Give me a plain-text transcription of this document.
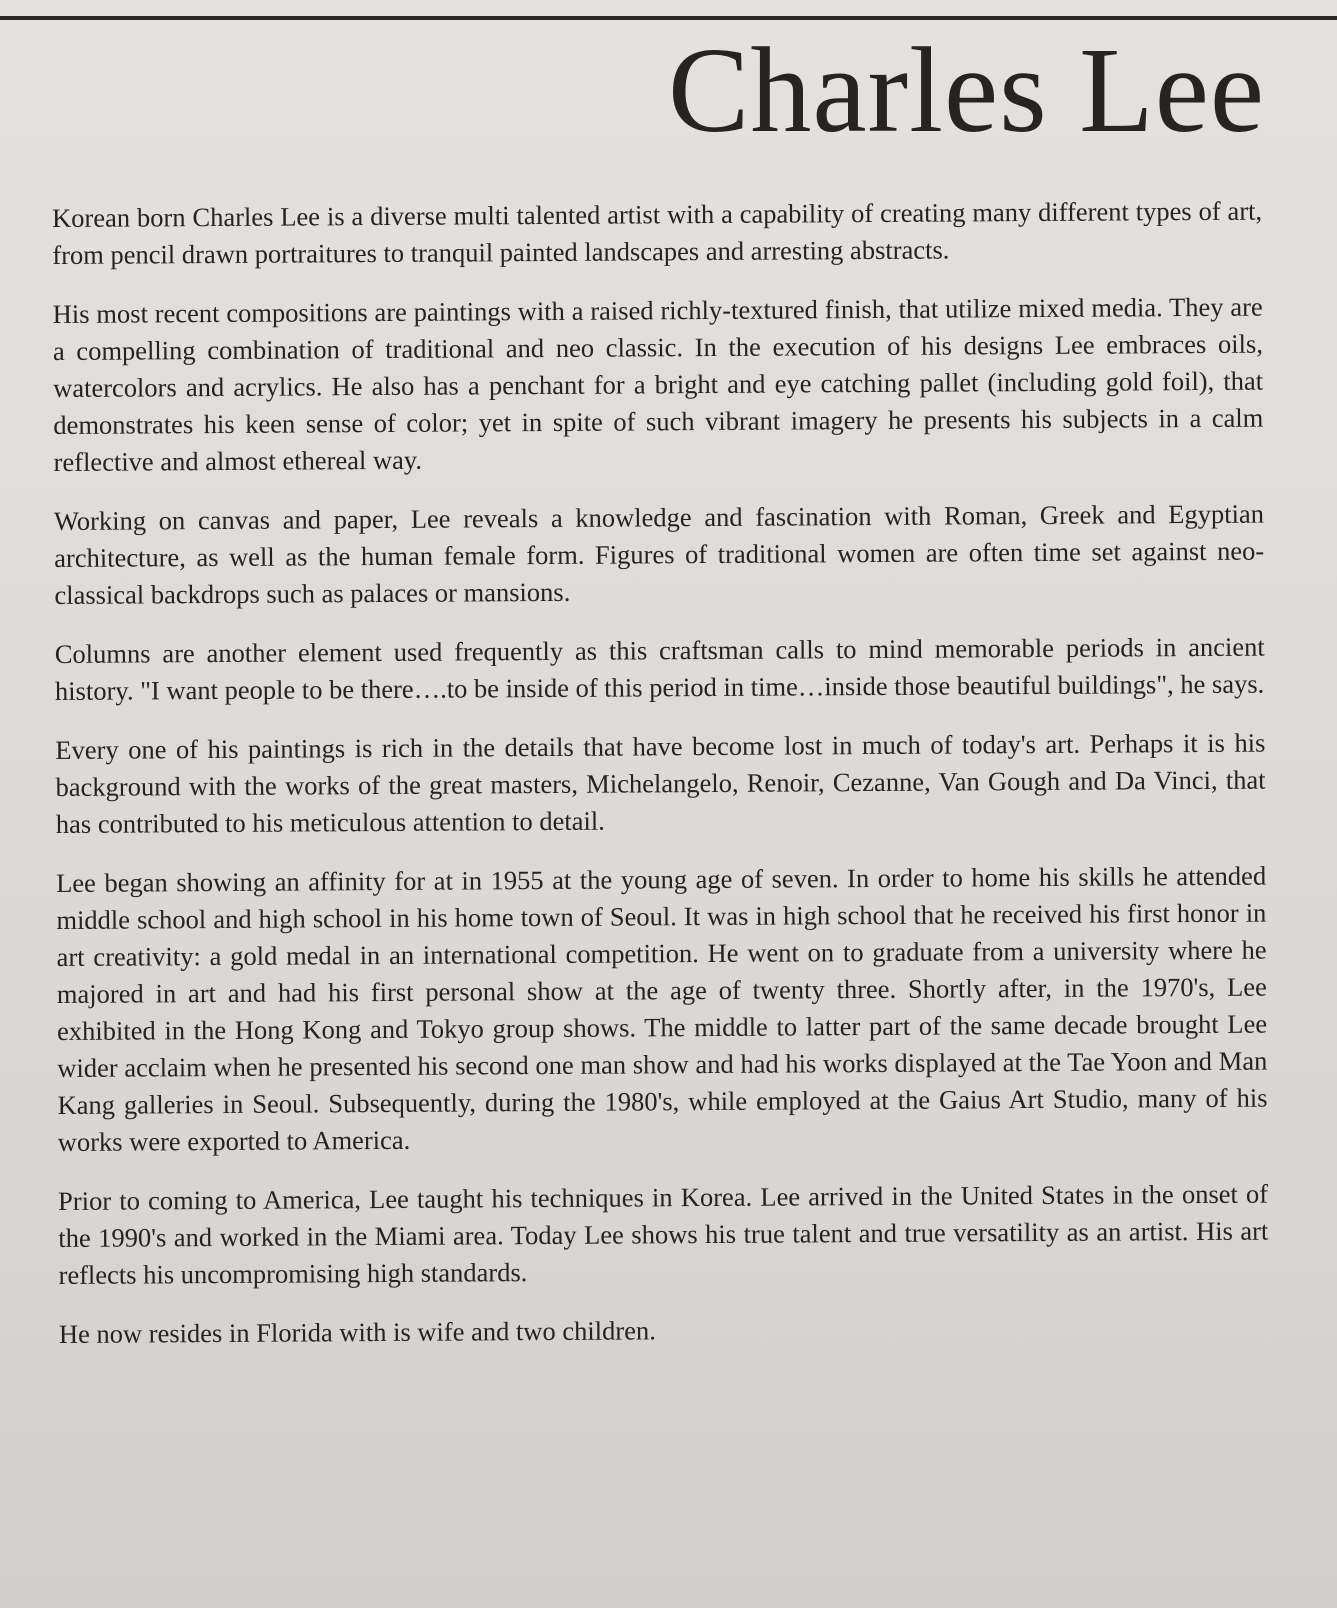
Charles Lee

Korean born Charles Lee is a diverse multi talented artist with a capability of creating many different types of art, from pencil drawn portraitures to tranquil painted landscapes and arresting abstracts.

His most recent compositions are paintings with a raised richly-textured finish, that utilize mixed media. They are a compelling combination of traditional and neo classic. In the execution of his designs Lee embraces oils, watercolors and acrylics. He also has a penchant for a bright and eye catching pallet (including gold foil), that demonstrates his keen sense of color; yet in spite of such vibrant imagery he presents his subjects in a calm reflective and almost ethereal way.

Working on canvas and paper, Lee reveals a knowledge and fascination with Roman, Greek and Egyptian architecture, as well as the human female form. Figures of traditional women are often time set against neo-classical backdrops such as palaces or mansions.

Columns are another element used frequently as this craftsman calls to mind memorable periods in ancient history. "I want people to be there….to be inside of this period in time…inside those beautiful buildings", he says.

Every one of his paintings is rich in the details that have become lost in much of today's art. Perhaps it is his background with the works of the great masters, Michelangelo, Renoir, Cezanne, Van Gough and Da Vinci, that has contributed to his meticulous attention to detail.

Lee began showing an affinity for at in 1955 at the young age of seven. In order to home his skills he attended middle school and high school in his home town of Seoul. It was in high school that he received his first honor in art creativity: a gold medal in an international competition. He went on to graduate from a university where he majored in art and had his first personal show at the age of twenty three. Shortly after, in the 1970's, Lee exhibited in the Hong Kong and Tokyo group shows. The middle to latter part of the same decade brought Lee wider acclaim when he presented his second one man show and had his works displayed at the Tae Yoon and Man Kang galleries in Seoul. Subsequently, during the 1980's, while employed at the Gaius Art Studio, many of his works were exported to America.

Prior to coming to America, Lee taught his techniques in Korea. Lee arrived in the United States in the onset of the 1990's and worked in the Miami area. Today Lee shows his true talent and true versatility as an artist. His art reflects his uncompromising high standards.

He now resides in Florida with is wife and two children.
